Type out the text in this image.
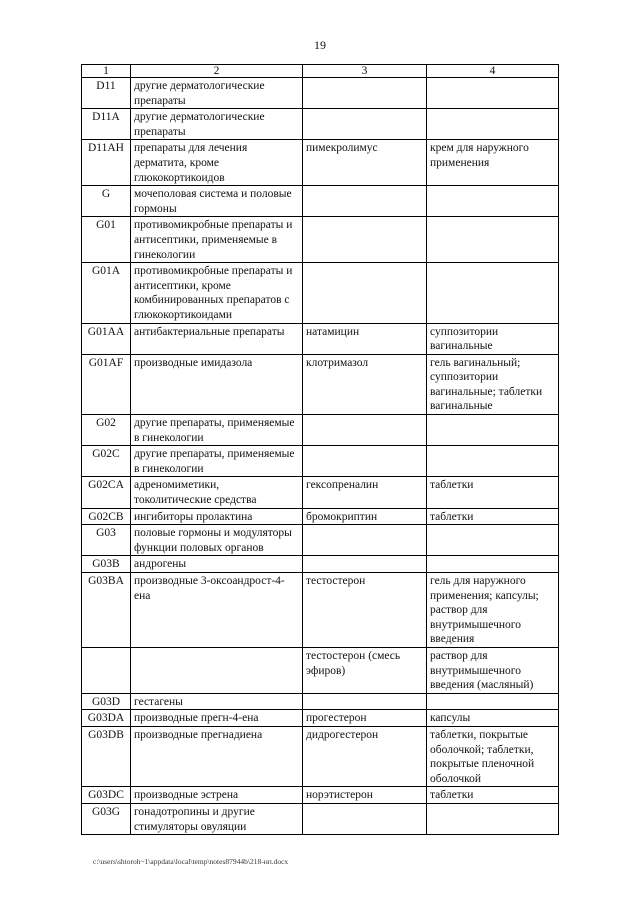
19
1	2	3	4
D11	другие дерматологические препараты		
D11A	другие дерматологические препараты		
D11AH	препараты для лечения дерматита, кроме глюкокортикоидов	пимекролимус	крем для наружного применения
G	мочеполовая система и половые гормоны		
G01	противомикробные препараты и антисептики, применяемые в гинекологии		
G01A	противомикробные препараты и антисептики, кроме комбинированных препаратов с глюкокортикоидами		
G01AA	антибактериальные препараты	натамицин	суппозитории вагинальные
G01AF	производные имидазола	клотримазол	гель вагинальный; суппозитории вагинальные; таблетки вагинальные
G02	другие препараты, применяемые в гинекологии		
G02C	другие препараты, применяемые в гинекологии		
G02CA	адреномиметики, токолитические средства	гексопреналин	таблетки
G02CB	ингибиторы пролактина	бромокриптин	таблетки
G03	половые гормоны и модуляторы функции половых органов		
G03B	андрогены		
G03BA	производные 3-оксоандрост-4-ена	тестостерон	гель для наружного применения; капсулы; раствор для внутримышечного введения
		тестостерон (смесь эфиров)	раствор для внутримышечного введения (масляный)
G03D	гестагены		
G03DA	производные прегн-4-ена	прогестерон	капсулы
G03DB	производные прегнадиена	дидрогестерон	таблетки, покрытые оболочкой; таблетки, покрытые пленочной оболочкой
G03DC	производные эстрена	норэтистерон	таблетки
G03G	гонадотропины и другие стимуляторы овуляции		
c:\users\shtoroh~1\appdata\local\temp\notes87944b\218-нп.docx
